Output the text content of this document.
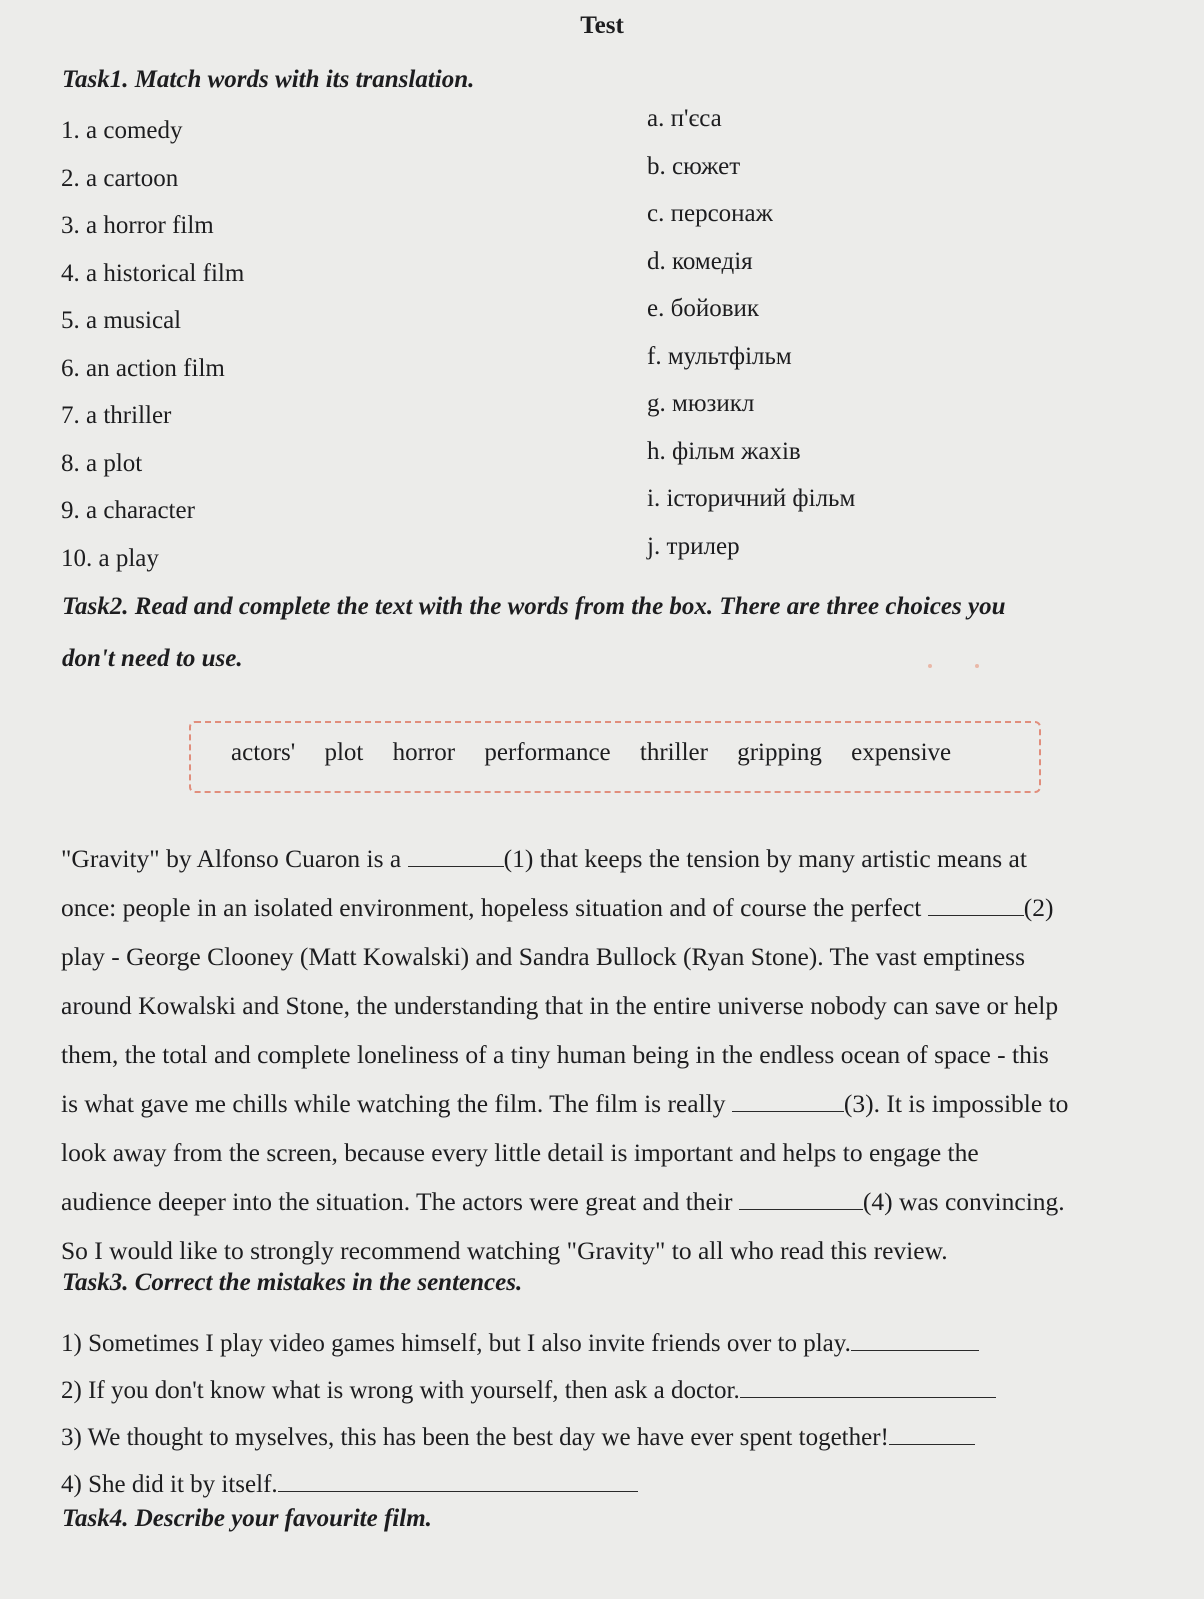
Test
Task1. Match words with its translation.
1. a comedy
2. a cartoon
3. a horror film
4. a historical film
5. a musical
6. an action film
7. a thriller
8. a plot
9. a character
10. a play
a. п'єса
b. сюжет
c. персонаж
d. комедія
e. бойовик
f. мультфільм
g. мюзикл
h. фільм жахів
i. історичний фільм
j. трилер
Task2. Read and complete the text with the words from the box. There are three choices you
don't need to use.
actors' plot horror performance thriller gripping expensive
"Gravity" by Alfonso Cuaron is a	(1) that keeps the tension by many artistic means at
once: people in an isolated environment, hopeless situation and of course the perfect	(2)
play - George Clooney (Matt Kowalski) and Sandra Bullock (Ryan Stone). The vast emptiness
around Kowalski and Stone, the understanding that in the entire universe nobody can save or help
them, the total and complete loneliness of a tiny human being in the endless ocean of space - this
is what gave me chills while watching the film. The film is really	(3). It is impossible to
look away from the screen, because every little detail is important and helps to engage the
audience deeper into the situation. The actors were great and their	(4) was convincing.
So I would like to strongly recommend watching "Gravity" to all who read this review.
Task3. Correct the mistakes in the sentences.
1) Sometimes I play video games himself, but I also invite friends over to play.
2) If you don't know what is wrong with yourself, then ask a doctor.
3) We thought to myselves, this has been the best day we have ever spent together!
4) She did it by itself.
Task4. Describe your favourite film.
